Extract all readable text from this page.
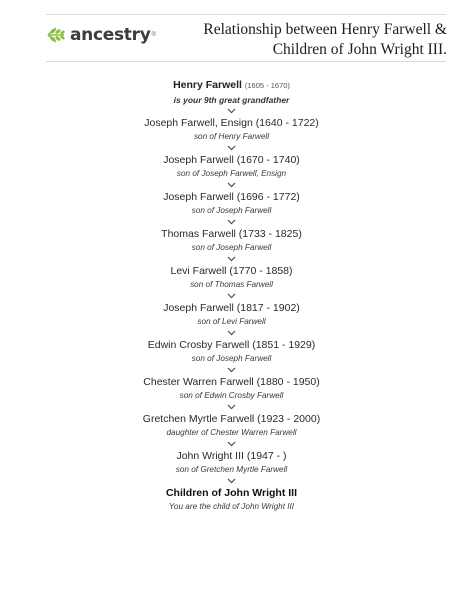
ancestry ®	Relationship between Henry Farwell &
Children of John Wright III.
Henry Farwell (1605 - 1670)
is your 9th great grandfather
Joseph Farwell, Ensign (1640 - 1722)
son of Henry Farwell
Joseph Farwell (1670 - 1740)
son of Joseph Farwell, Ensign
Joseph Farwell (1696 - 1772)
son of Joseph Farwell
Thomas Farwell (1733 - 1825)
son of Joseph Farwell
Levi Farwell (1770 - 1858)
son of Thomas Farwell
Joseph Farwell (1817 - 1902)
son of Levi Farwell
Edwin Crosby Farwell (1851 - 1929)
son of Joseph Farwell
Chester Warren Farwell (1880 - 1950)
son of Edwin Crosby Farwell
Gretchen Myrtle Farwell (1923 - 2000)
daughter of Chester Warren Farwell
John Wright III (1947 - )
son of Gretchen Myrtle Farwell
Children of John Wright III
You are the child of John Wright III
